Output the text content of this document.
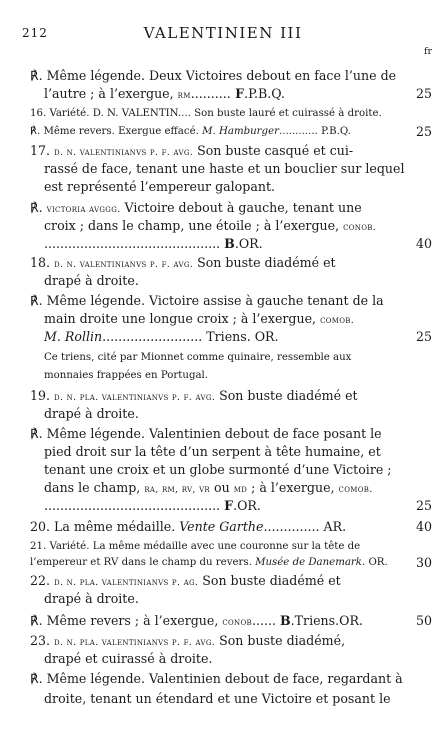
212	VALENTINIEN III
fr
℟. Même légende. Deux Victoires debout en face l’une de
l’autre ; à l’exergue, rm.......... F.P.B.Q.	25
16. Variété. D. N. VALENTIN.... Son buste lauré et cuirassé à droite.
℟. Même revers. Exergue effacé. M. Hamburger............ P.B.Q.	25
17. d. n. valentinianvs p. f. avg. Son buste casqué et cui-
rassé de face, tenant une haste et un bouclier sur lequel
est représenté l’empereur galopant.
℟. victoria avggg. Victoire debout à gauche, tenant une
croix ; dans le champ, une étoile ; à l’exergue, conob.
............................................ B.OR.	40
18. d. n. valentinianvs p. f. avg. Son buste diadémé et
drapé à droite.
℟. Même légende. Victoire assise à gauche tenant de la
main droite une longue croix ; à l’exergue, comob.
M. Rollin......................... Triens. OR.	25
Ce triens, cité par Mionnet comme quinaire, ressemble aux
monnaies frappées en Portugal.
19. d. n. pla. valentinianvs p. f. avg. Son buste diadémé et
drapé à droite.
℟. Même légende. Valentinien debout de face posant le
pied droit sur la tête d’un serpent à tête humaine, et
tenant une croix et un globe surmonté d’une Victoire ;
dans le champ, ra, rm, rv, vr ou md ; à l’exergue, comob.
............................................ F.OR.	25
20. La même médaille. Vente Garthe.............. AR.	40
21. Variété. La même médaille avec une couronne sur la tête de
l’empereur et RV dans le champ du revers. Musée de Danemark. OR. 30
22. d. n. pla. valentinianvs p. ag. Son buste diadémé et
drapé à droite.
℟. Même revers ; à l’exergue, conob...... B.Triens.OR.	50
23. d. n. pla. valentinianvs p. f. avg. Son buste diadémé,
drapé et cuirassé à droite.
℟. Même légende. Valentinien debout de face, regardant à
droite, tenant un étendard et une Victoire et posant le
